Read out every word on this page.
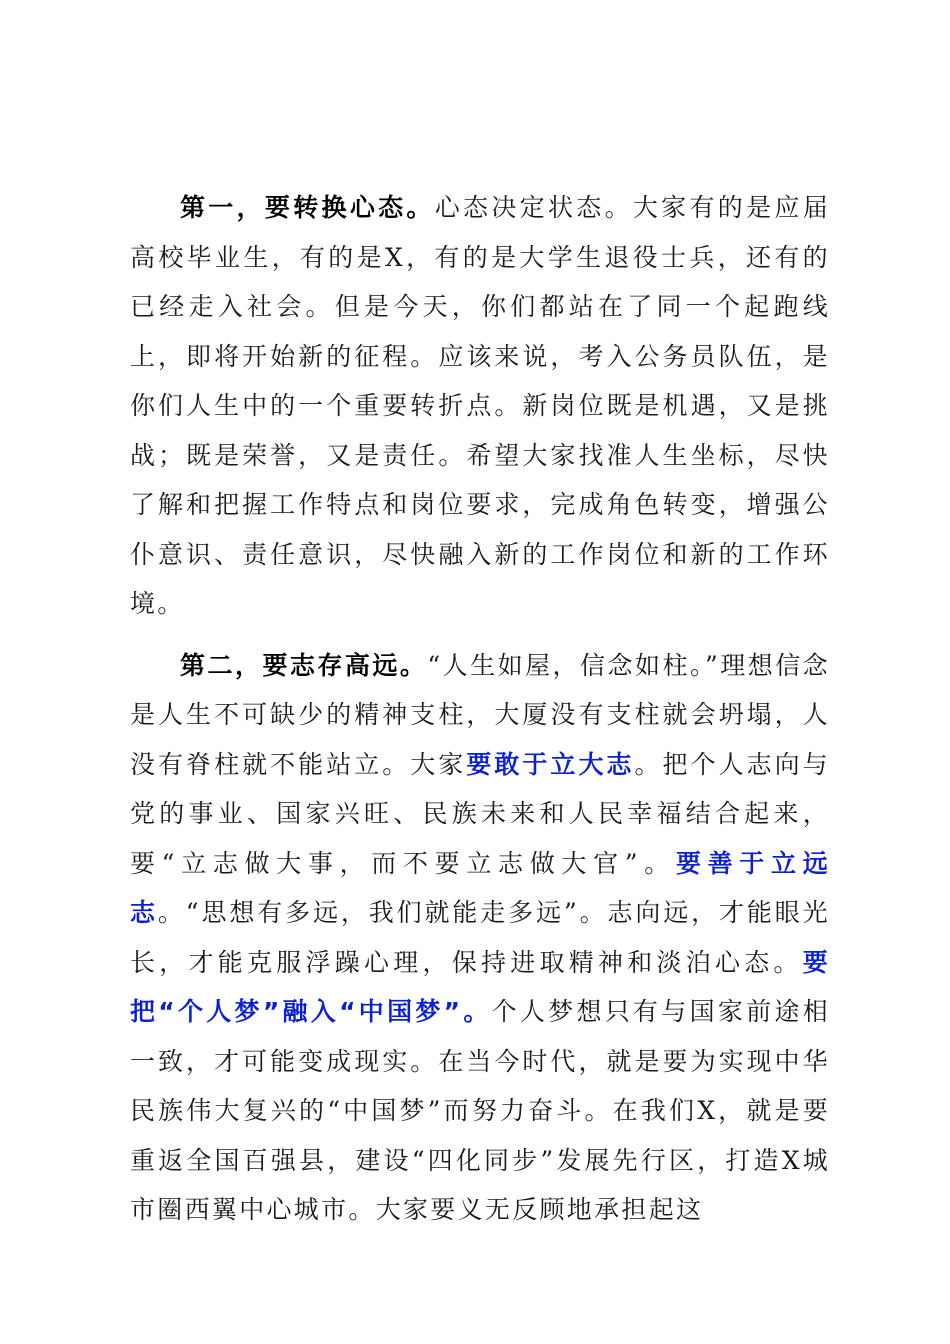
第一，要转换心态。心态决定状态。大家有的是应届高校毕业生，有的是X，有的是大学生退役士兵，还有的已经走入社会。但是今天，你们都站在了同一个起跑线上，即将开始新的征程。应该来说，考入公务员队伍，是你们人生中的一个重要转折点。新岗位既是机遇，又是挑战；既是荣誉，又是责任。希望大家找准人生坐标，尽快了解和把握工作特点和岗位要求，完成角色转变，增强公仆意识、责任意识，尽快融入新的工作岗位和新的工作环境。

第二，要志存高远。“人生如屋，信念如柱。”理想信念是人生不可缺少的精神支柱，大厦没有支柱就会坍塌，人没有脊柱就不能站立。大家要敢于立大志。把个人志向与党的事业、国家兴旺、民族未来和人民幸福结合起来，要“立志做大事，而不要立志做大官”。要善于立远志。“思想有多远，我们就能走多远”。志向远，才能眼光长，才能克服浮躁心理，保持进取精神和淡泊心态。要把“个人梦”融入“中国梦”。个人梦想只有与国家前途相一致，才可能变成现实。在当今时代，就是要为实现中华民族伟大复兴的“中国梦”而努力奋斗。在我们X，就是要重返全国百强县，建设“四化同步”发展先行区，打造X城市圈西翼中心城市。大家要义无反顾地承担起这
